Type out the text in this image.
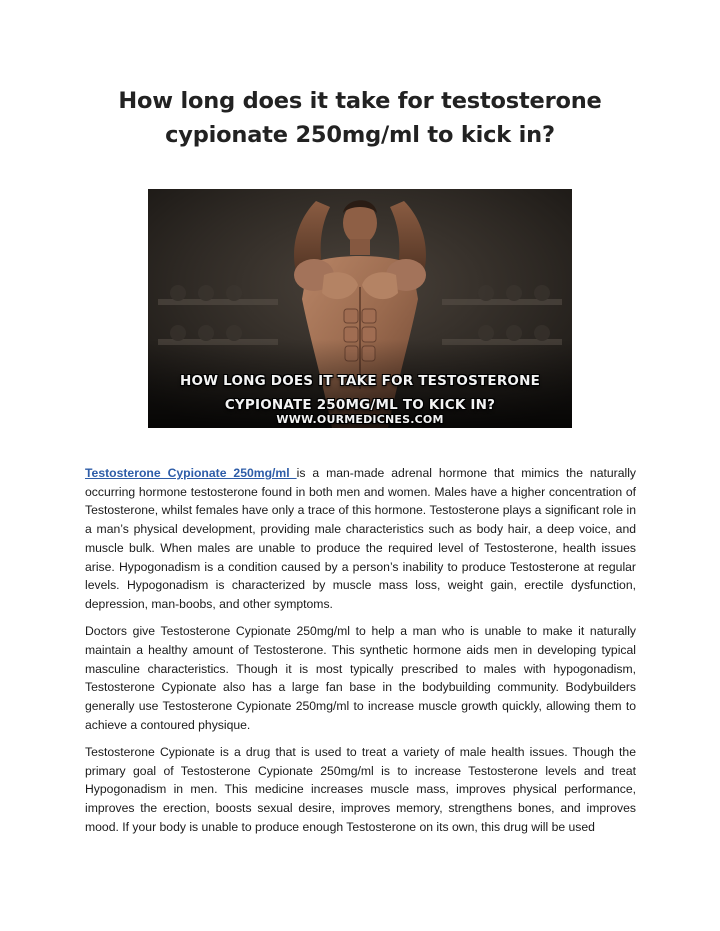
How long does it take for testosterone
cypionate 250mg/ml to kick in?
HOW LONG DOES IT TAKE FOR TESTOSTERONE
CYPIONATE 250MG/ML TO KICK IN?
WWW.OURMEDICNES.COM

Testosterone Cypionate 250mg/ml is a man-made adrenal hormone that mimics the naturally occurring hormone testosterone found in both men and women. Males have a higher concentration of Testosterone, whilst females have only a trace of this hormone. Testosterone plays a significant role in a man’s physical development, providing male characteristics such as body hair, a deep voice, and muscle bulk. When males are unable to produce the required level of Testosterone, health issues arise. Hypogonadism is a condition caused by a person’s inability to produce Testosterone at regular levels. Hypogonadism is characterized by muscle mass loss, weight gain, erectile dysfunction, depression, man-boobs, and other symptoms.

Doctors give Testosterone Cypionate 250mg/ml to help a man who is unable to make it naturally maintain a healthy amount of Testosterone. This synthetic hormone aids men in developing typical masculine characteristics. Though it is most typically prescribed to males with hypogonadism, Testosterone Cypionate also has a large fan base in the bodybuilding community. Bodybuilders generally use Testosterone Cypionate 250mg/ml to increase muscle growth quickly, allowing them to achieve a contoured physique.

Testosterone Cypionate is a drug that is used to treat a variety of male health issues. Though the primary goal of Testosterone Cypionate 250mg/ml is to increase Testosterone levels and treat Hypogonadism in men. This medicine increases muscle mass, improves physical performance, improves the erection, boosts sexual desire, improves memory, strengthens bones, and improves mood. If your body is unable to produce enough Testosterone on its own, this drug will be used
